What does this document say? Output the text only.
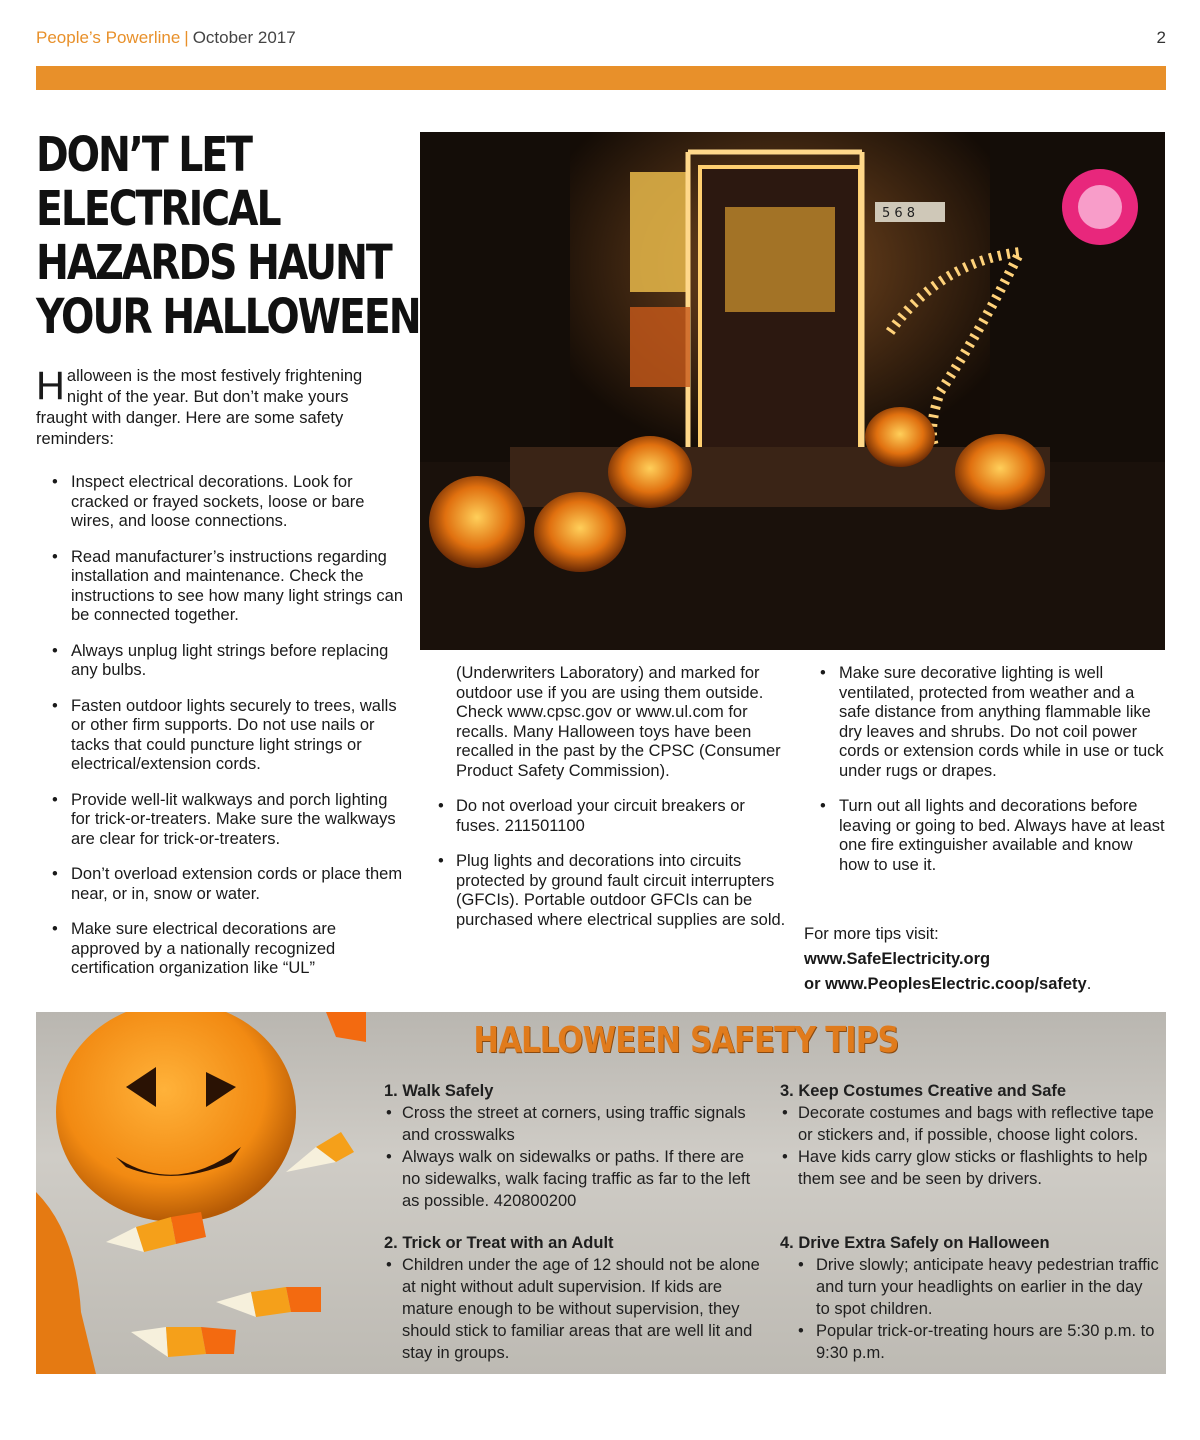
People’s Powerline | October 2017	2
DON’T LET
ELECTRICAL
HAZARDS HAUNT
YOUR HALLOWEEN

Halloween is the most festively frightening night of the year. But don’t make yours fraught with danger. Here are some safety reminders:

• Inspect electrical decorations. Look for cracked or frayed sockets, loose or bare wires, and loose connections.
• Read manufacturer’s instructions regarding installation and maintenance. Check the instructions to see how many light strings can be connected together.
• Always unplug light strings before replacing any bulbs.
• Fasten outdoor lights securely to trees, walls or other firm supports. Do not use nails or tacks that could puncture light strings or electrical/extension cords.
• Provide well-lit walkways and porch lighting for trick-or-treaters. Make sure the walkways are clear for trick-or-treaters.
• Don’t overload extension cords or place them near, or in, snow or water.
• Make sure electrical decorations are approved by a nationally recognized certification organization like “UL”
(Underwriters Laboratory) and marked for outdoor use if you are using them outside. Check www.cpsc.gov or www.ul.com for recalls. Many Halloween toys have been recalled in the past by the CPSC (Consumer Product Safety Commission).
• Do not overload your circuit breakers or fuses. 211501100
• Plug lights and decorations into circuits protected by ground fault circuit interrupters (GFCIs). Portable outdoor GFCIs can be purchased where electrical supplies are sold.
• Make sure decorative lighting is well ventilated, protected from weather and a safe distance from anything flammable like dry leaves and shrubs. Do not coil power cords or extension cords while in use or tuck under rugs or drapes.
• Turn out all lights and decorations before leaving or going to bed. Always have at least one fire extinguisher available and know how to use it.
For more tips visit:
www.SafeElectricity.org
or www.PeoplesElectric.coop/safety.
5 6 8
HALLOWEEN SAFETY TIPS
1. Walk Safely
• Cross the street at corners, using traffic signals and crosswalks
• Always walk on sidewalks or paths. If there are no sidewalks, walk facing traffic as far to the left as possible. 420800200
2. Trick or Treat with an Adult
• Children under the age of 12 should not be alone at night without adult supervision. If kids are mature enough to be without supervision, they should stick to familiar areas that are well lit and stay in groups.
3. Keep Costumes Creative and Safe
• Decorate costumes and bags with reflective tape or stickers and, if possible, choose light colors.
• Have kids carry glow sticks or flashlights to help them see and be seen by drivers.
4. Drive Extra Safely on Halloween
• Drive slowly; anticipate heavy pedestrian traffic and turn your headlights on earlier in the day to spot children.
• Popular trick-or-treating hours are 5:30 p.m. to 9:30 p.m.
